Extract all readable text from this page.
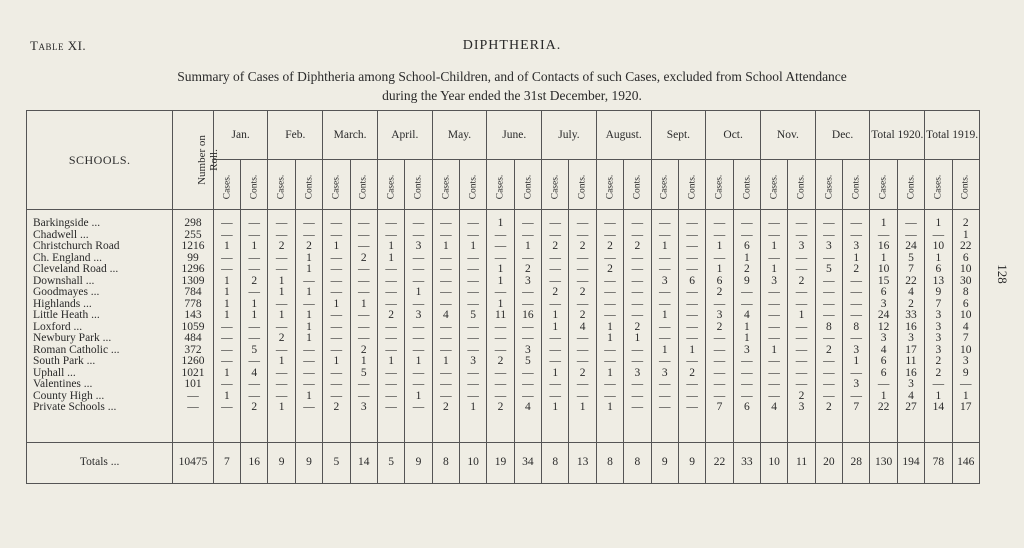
Table XI.	DIPHTHERIA.
Summary of Cases of Diphtheria among School-Children, and of Contacts of such Cases, excluded from School Attendance
during the Year ended the 31st December, 1920.
128
SCHOOLS.	Number on Roll.	Jan.		Feb.		March.		April.		May.		June.		July.		August.		Sept.		Oct.		Nov.		Dec.		Total 1920.		Total 1919.	
		Cases.	Conts.	Cases.	Conts.	Cases.	Conts.	Cases.	Conts.	Cases.	Conts.	Cases.	Conts.	Cases.	Conts.	Cases.	Conts.	Cases.	Conts.	Cases.	Conts.	Cases.	Conts.	Cases.	Conts.	Cases.	Conts.	Cases.	Conts.
Barkingside ...	298	—	—	—	—	—	—	—	—	—	—	1	—	—	—	—	—	—	—	—	—	—	—	—	—	1	—	1	2
Chadwell ...	255	—	—	—	—	—	—	—	—	—	—	—	—	—	—	—	—	—	—	—	—	—	—	—	—	—	—	—	1
Christchurch Road	1216	1	1	2	2	1	—	1	3	1	1	—	1	2	2	2	2	1	—	1	6	1	3	3	3	16	24	10	22
Ch. England ...	99	—	—	—	1	—	2	1	—	—	—	—	—	—	—	—	—	—	—	—	1	—	—	—	1	1	5	1	6
Cleveland Road ...	1296	—	—	—	1	—	—	—	—	—	—	1	2	—	—	2	—	—	—	1	2	1	—	5	2	10	7	6	10
Downshall ...	1309	1	2	1	—	—	—	—	—	—	—	1	3	—	—	—	—	3	6	6	9	3	2	—	—	15	22	13	30
Goodmayes ...	784	1	—	1	1	—	—	—	1	—	—	—	—	2	2	—	—	—	—	2	—	—	—	—	—	6	4	9	8
Highlands ...	778	1	1	—	—	1	1	—	—	—	—	1	—	—	—	—	—	—	—	—	—	—	—	—	—	3	2	7	6
Little Heath ...	143	1	1	1	1	—	—	2	3	4	5	11	16	1	2	—	—	1	—	3	4	—	1	—	—	24	33	3	10
Loxford ...	1059	—	—	—	1	—	—	—	—	—	—	—	—	1	4	1	2	—	—	2	1	—	—	8	8	12	16	3	4
Newbury Park ...	484	—	—	2	1	—	—	—	—	—	—	—	—	—	—	1	1	—	—	—	1	—	—	—	—	3	3	3	7
Roman Catholic ...	372	—	5	—	—	—	2	—	—	—	—	—	3	—	—	—	—	1	1	—	3	1	—	2	3	4	17	3	10
South Park ...	1260	—	—	1	—	1	1	1	1	1	3	2	5	—	—	—	—	—	—	—	—	—	—	—	1	6	11	2	3
Uphall ...	1021	1	4	—	—	—	5	—	—	—	—	—	—	1	2	1	3	3	2	—	—	—	—	—	—	6	16	2	9
Valentines ...	101	—	—	—	—	—	—	—	—	—	—	—	—	—	—	—	—	—	—	—	—	—	—	—	3	—	3	—	—
County High ...	—	1	—	—	1	—	—	—	1	—	—	—	—	—	—	—	—	—	—	—	—	—	2	—	—	1	4	1	1
Private Schools ...	—	—	2	1	—	2	3	—	—	2	1	2	4	1	1	1	—	—	—	7	6	4	3	2	7	22	27	14	17

Totals ...	10475	7	16	9	9	5	14	5	9	8	10	19	34	8	13	8	8	9	9	22	33	10	11	20	28	130	194	78	146
